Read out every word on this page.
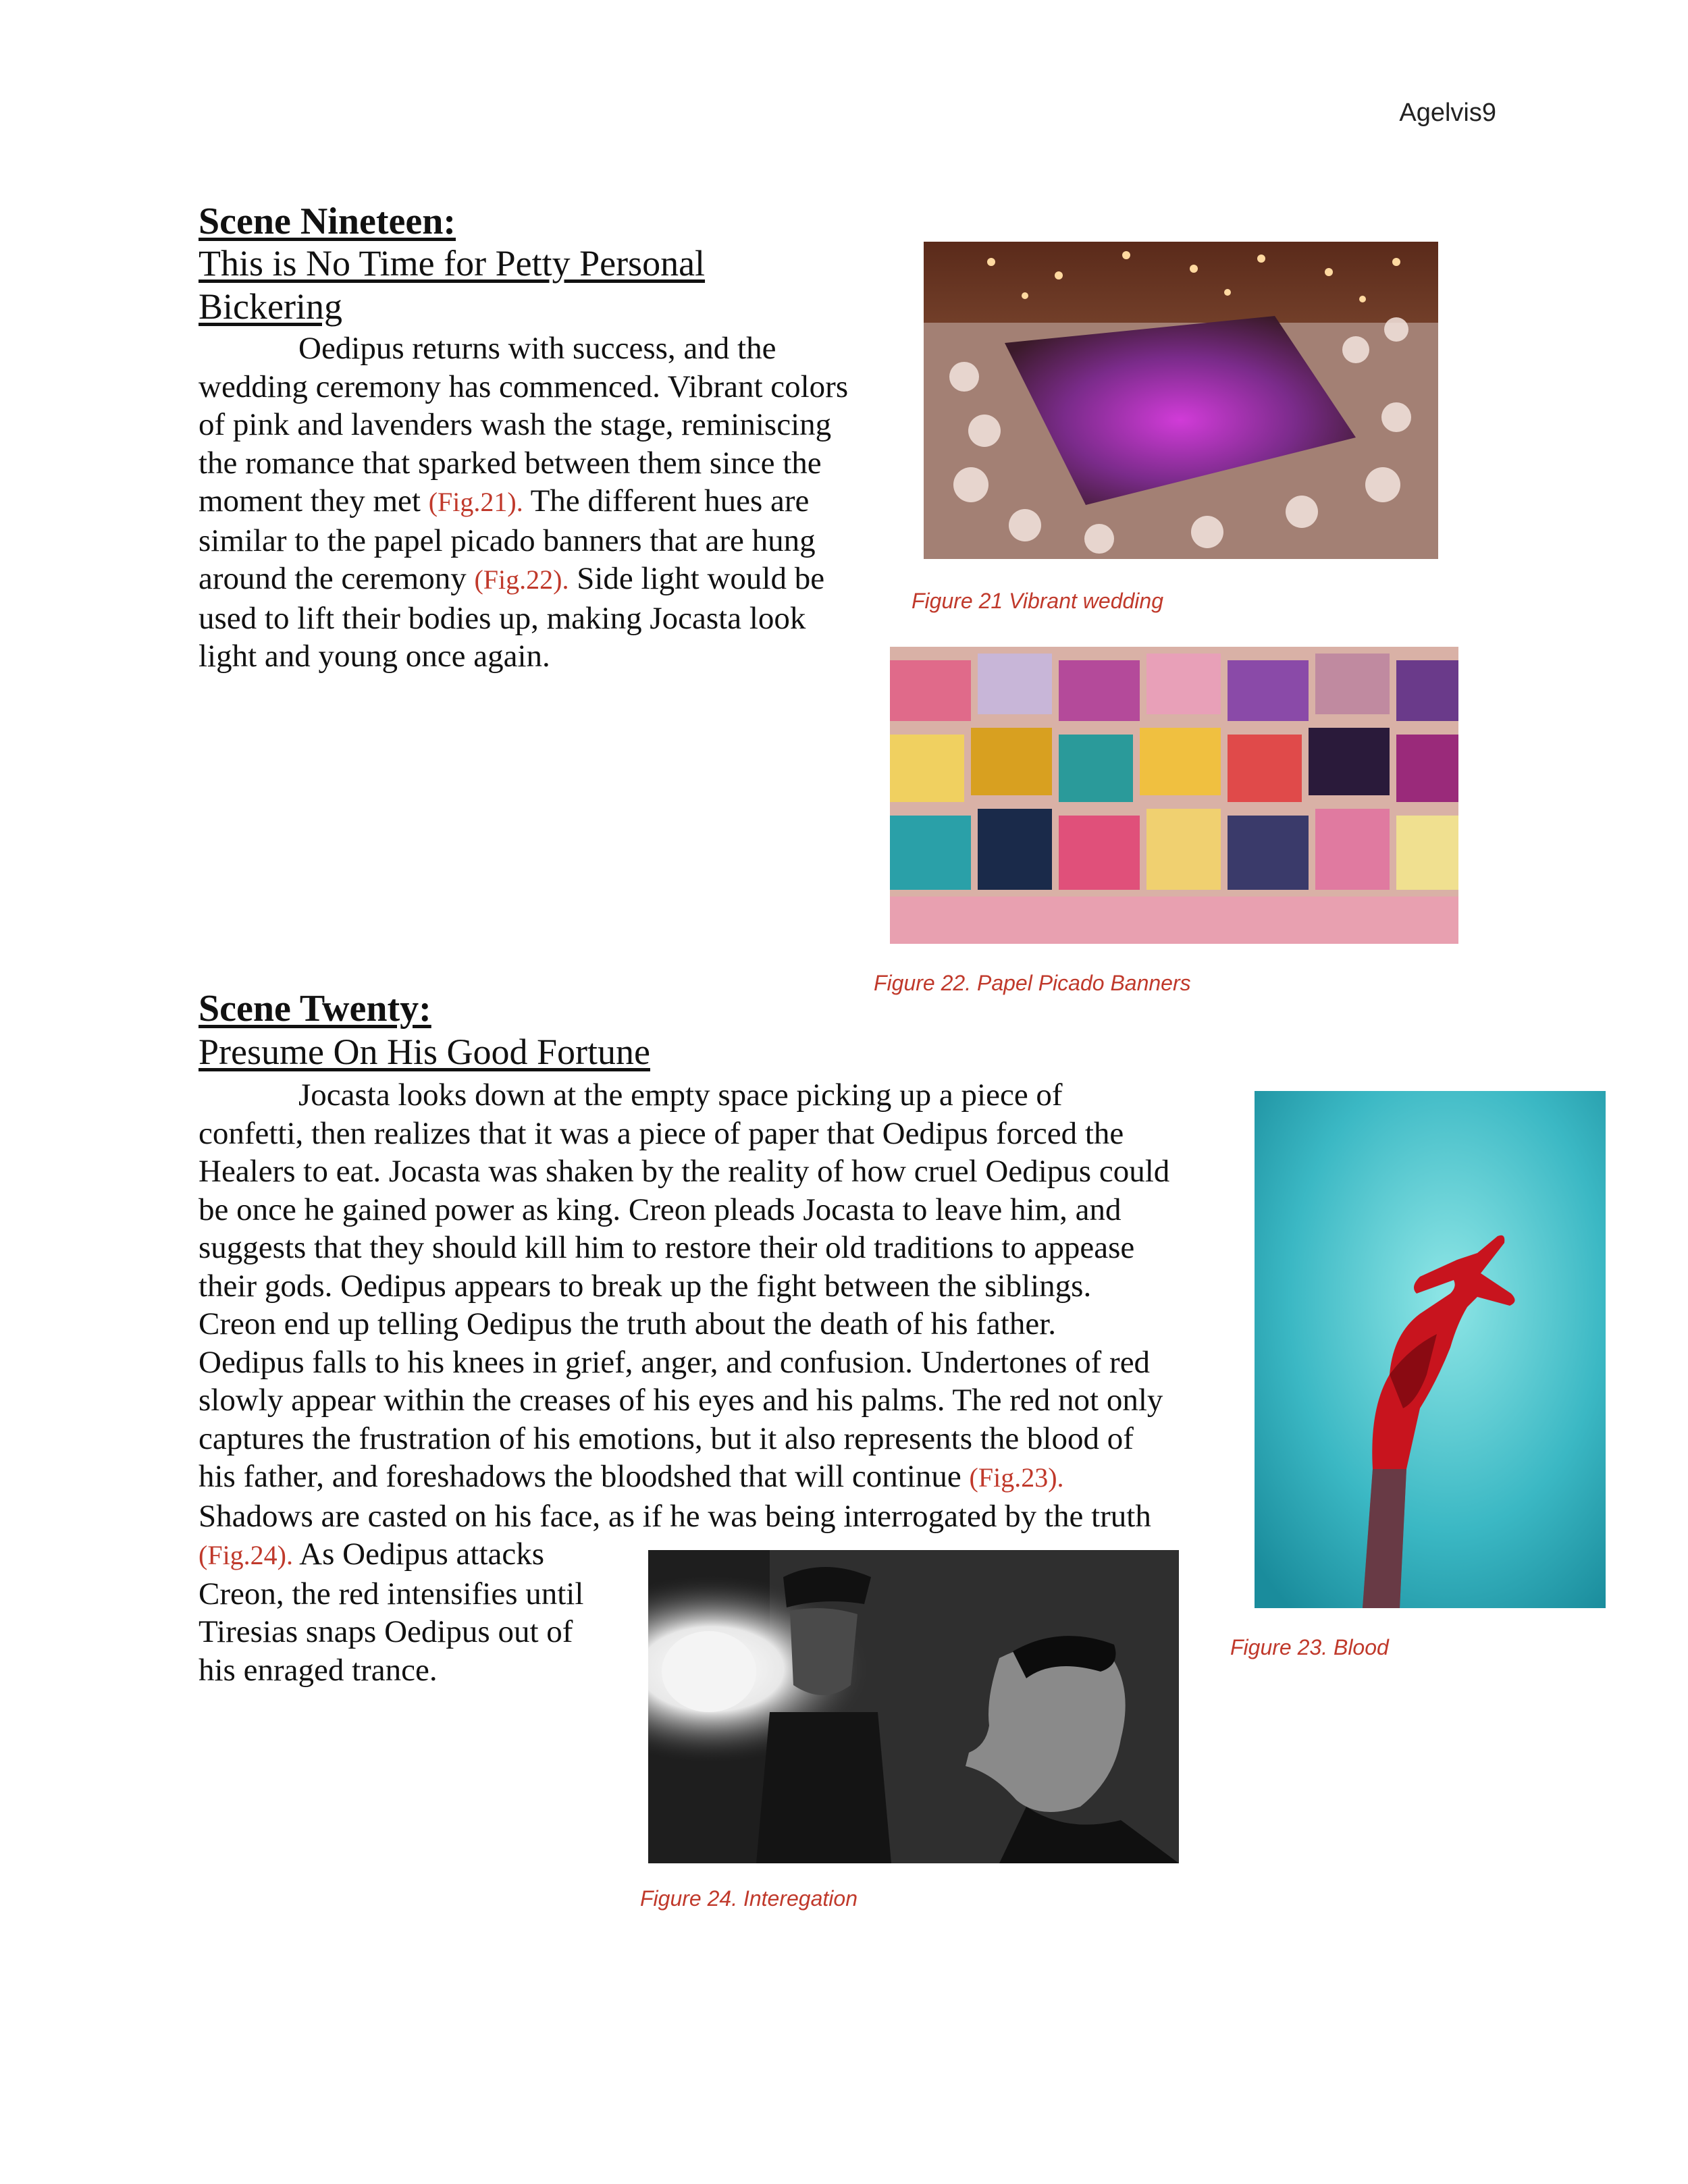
Agelvis9
Scene Nineteen:
This is No Time for Petty Personal
Bickering
Oedipus returns with success, and the
wedding ceremony has commenced. Vibrant colors
of pink and lavenders wash the stage, reminiscing
the romance that sparked between them since the
moment they met (Fig.21). The different hues are
similar to the papel picado banners that are hung
around the ceremony (Fig.22). Side light would be
used to lift their bodies up, making Jocasta look
light and young once again.
Figure 21 Vibrant wedding
Figure 22. Papel Picado Banners
Scene Twenty:
Presume On His Good Fortune
Jocasta looks down at the empty space picking up a piece of
confetti, then realizes that it was a piece of paper that Oedipus forced the
Healers to eat. Jocasta was shaken by the reality of how cruel Oedipus could
be once he gained power as king. Creon pleads Jocasta to leave him, and
suggests that they should kill him to restore their old traditions to appease
their gods. Oedipus appears to break up the fight between the siblings.
Creon end up telling Oedipus the truth about the death of his father.
Oedipus falls to his knees in grief, anger, and confusion. Undertones of red
slowly appear within the creases of his eyes and his palms. The red not only
captures the frustration of his emotions, but it also represents the blood of
his father, and foreshadows the bloodshed that will continue (Fig.23).
Shadows are casted on his face, as if he was being interrogated by the truth
(Fig.24). As Oedipus attacks
Creon, the red intensifies until
Tiresias snaps Oedipus out of
his enraged trance.
Figure 23. Blood
Figure 24. Interegation
